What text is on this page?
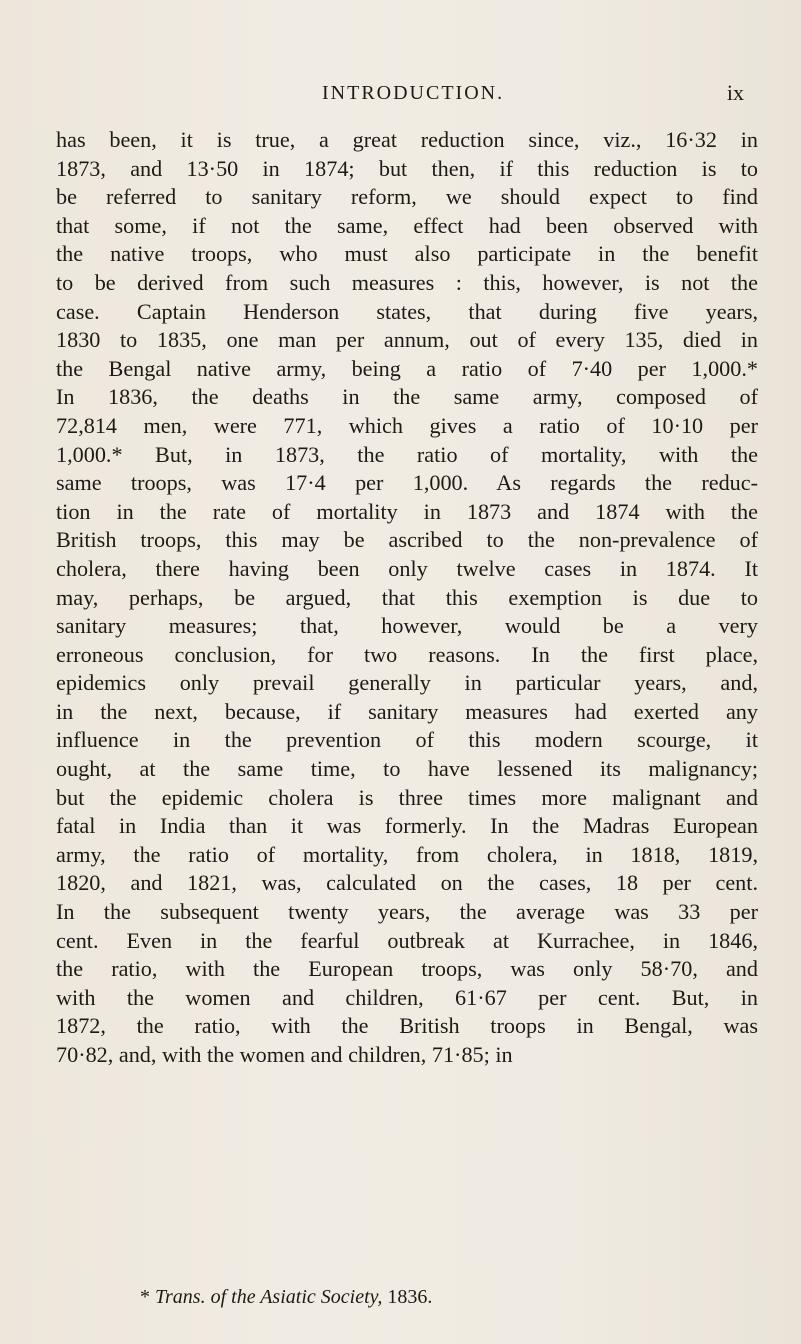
INTRODUCTION.	ix
has been, it is true, a great reduction since, viz., 16·32 in
1873, and 13·50 in 1874; but then, if this reduction is to
be referred to sanitary reform, we should expect to find
that some, if not the same, effect had been observed with
the native troops, who must also participate in the benefit
to be derived from such measures : this, however, is not the
case. Captain Henderson states, that during five years,
1830 to 1835, one man per annum, out of every 135, died in
the Bengal native army, being a ratio of 7·40 per 1,000.*
In 1836, the deaths in the same army, composed of
72,814 men, were 771, which gives a ratio of 10·10 per
1,000.* But, in 1873, the ratio of mortality, with the
same troops, was 17·4 per 1,000. As regards the reduc-
tion in the rate of mortality in 1873 and 1874 with the
British troops, this may be ascribed to the non-prevalence of
cholera, there having been only twelve cases in 1874. It
may, perhaps, be argued, that this exemption is due to
sanitary measures; that, however, would be a very
erroneous conclusion, for two reasons. In the first place,
epidemics only prevail generally in particular years, and,
in the next, because, if sanitary measures had exerted any
influence in the prevention of this modern scourge, it
ought, at the same time, to have lessened its malignancy;
but the epidemic cholera is three times more malignant and
fatal in India than it was formerly. In the Madras European
army, the ratio of mortality, from cholera, in 1818, 1819,
1820, and 1821, was, calculated on the cases, 18 per cent.
In the subsequent twenty years, the average was 33 per
cent. Even in the fearful outbreak at Kurrachee, in 1846,
the ratio, with the European troops, was only 58·70, and
with the women and children, 61·67 per cent. But, in
1872, the ratio, with the British troops in Bengal, was
70·82, and, with the women and children, 71·85; in
* Trans. of the Asiatic Society, 1836.
